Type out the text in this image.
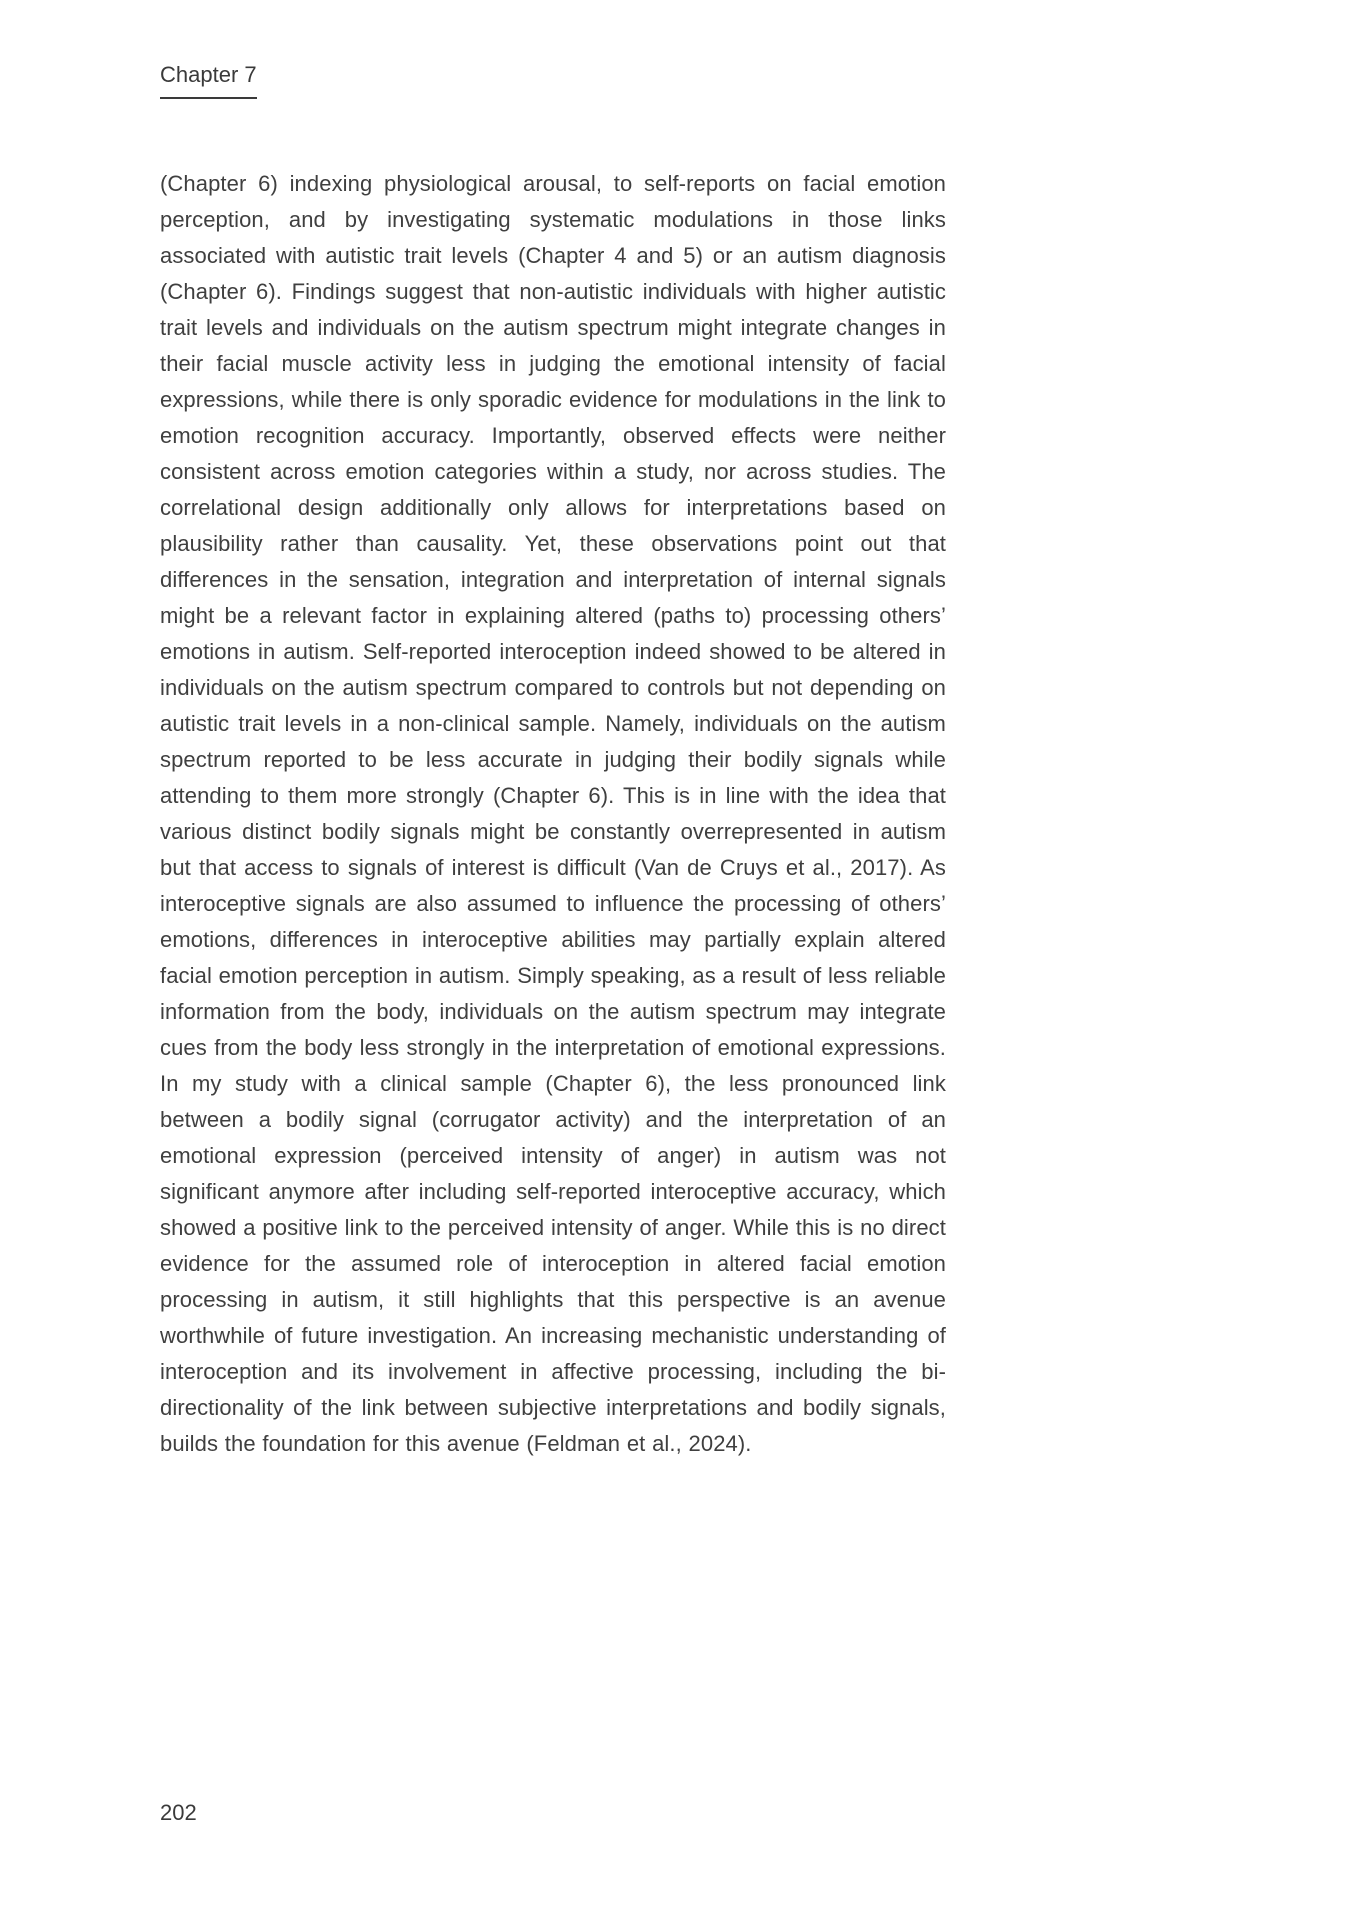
Chapter 7

(Chapter 6) indexing physiological arousal, to self-reports on facial emotion perception, and by investigating systematic modulations in those links associated with autistic trait levels (Chapter 4 and 5) or an autism diagnosis (Chapter 6). Findings suggest that non-autistic individuals with higher autistic trait levels and individuals on the autism spectrum might integrate changes in their facial muscle activity less in judging the emotional intensity of facial expressions, while there is only sporadic evidence for modulations in the link to emotion recognition accuracy. Importantly, observed effects were neither consistent across emotion categories within a study, nor across studies. The correlational design additionally only allows for interpretations based on plausibility rather than causality. Yet, these observations point out that differences in the sensation, integration and interpretation of internal signals might be a relevant factor in explaining altered (paths to) processing others’ emotions in autism. Self-reported interoception indeed showed to be altered in individuals on the autism spectrum compared to controls but not depending on autistic trait levels in a non-clinical sample. Namely, individuals on the autism spectrum reported to be less accurate in judging their bodily signals while attending to them more strongly (Chapter 6). This is in line with the idea that various distinct bodily signals might be constantly overrepresented in autism but that access to signals of interest is difficult (Van de Cruys et al., 2017). As interoceptive signals are also assumed to influence the processing of others’ emotions, differences in interoceptive abilities may partially explain altered facial emotion perception in autism. Simply speaking, as a result of less reliable information from the body, individuals on the autism spectrum may integrate cues from the body less strongly in the interpretation of emotional expressions. In my study with a clinical sample (Chapter 6), the less pronounced link between a bodily signal (corrugator activity) and the interpretation of an emotional expression (perceived intensity of anger) in autism was not significant anymore after including self-reported interoceptive accuracy, which showed a positive link to the perceived intensity of anger. While this is no direct evidence for the assumed role of interoception in altered facial emotion processing in autism, it still highlights that this perspective is an avenue worthwhile of future investigation. An increasing mechanistic understanding of interoception and its involvement in affective processing, including the bi-directionality of the link between subjective interpretations and bodily signals, builds the foundation for this avenue (Feldman et al., 2024).

202
